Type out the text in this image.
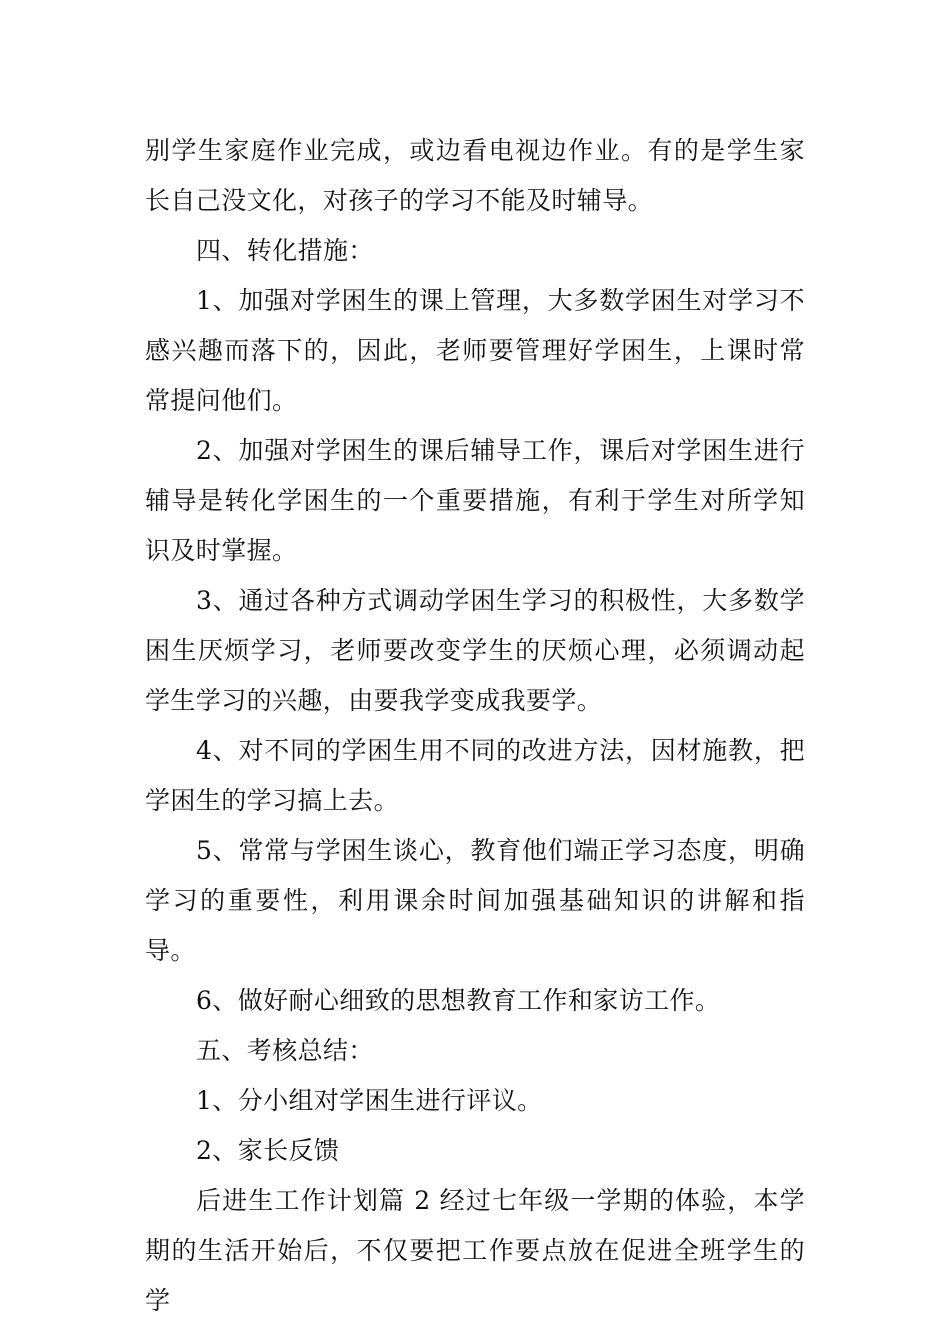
别学生家庭作业完成，或边看电视边作业。有的是学生家长自己没文化，对孩子的学习不能及时辅导。

四、转化措施：

1、加强对学困生的课上管理，大多数学困生对学习不感兴趣而落下的，因此，老师要管理好学困生，上课时常常提问他们。

2、加强对学困生的课后辅导工作，课后对学困生进行辅导是转化学困生的一个重要措施，有利于学生对所学知识及时掌握。

3、通过各种方式调动学困生学习的积极性，大多数学困生厌烦学习，老师要改变学生的厌烦心理，必须调动起学生学习的兴趣，由要我学变成我要学。

4、对不同的学困生用不同的改进方法，因材施教，把学困生的学习搞上去。

5、常常与学困生谈心，教育他们端正学习态度，明确学习的重要性，利用课余时间加强基础知识的讲解和指导。

6、做好耐心细致的思想教育工作和家访工作。

五、考核总结：

1、分小组对学困生进行评议。

2、家长反馈

后进生工作计划篇 2 经过七年级一学期的体验，本学期的生活开始后，不仅要把工作要点放在促进全班学生的学
